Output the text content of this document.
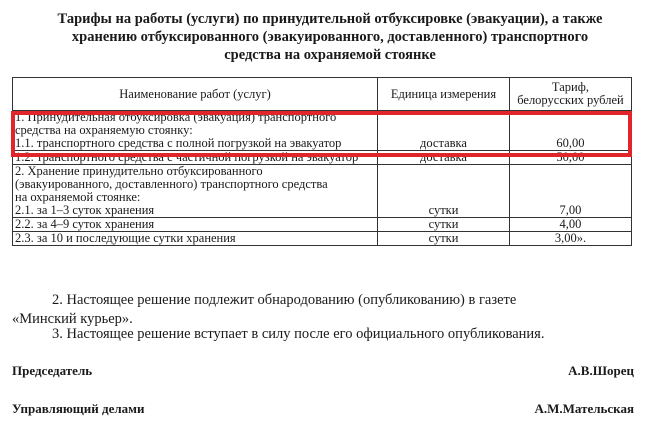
Тарифы на работы (услуги) по принудительной отбуксировке (эвакуации), а также
хранению отбуксированного (эвакуированного, доставленного) транспортного
средства на охраняемой стоянке
Наименование работ (услуг)	Единица измерения	Тариф,
белорусских рублей

1. Принудительная отбуксировка (эвакуация) транспортного
средства на охраняемую стоянку:
1.1. транспортного средства с полной погрузкой на эвакуатор	доставка	60,00
1.2. транспортного средства с частичной погрузкой на эвакуатор	доставка	50,00

2. Хранение принудительно отбуксированного
(эвакуированного, доставленного) транспортного средства
на охраняемой стоянке:
2.1. за 1–3 суток хранения	сутки	7,00
2.2. за 4–9 суток хранения	сутки	4,00
2.3. за 10 и последующие сутки хранения	сутки	3,00».
2. Настоящее решение подлежит обнародованию (опубликованию) в газете
«Минский курьер».
3. Настоящее решение вступает в силу после его официального опубликования.
Председатель	А.В.Шорец
Управляющий делами	А.М.Мательская
